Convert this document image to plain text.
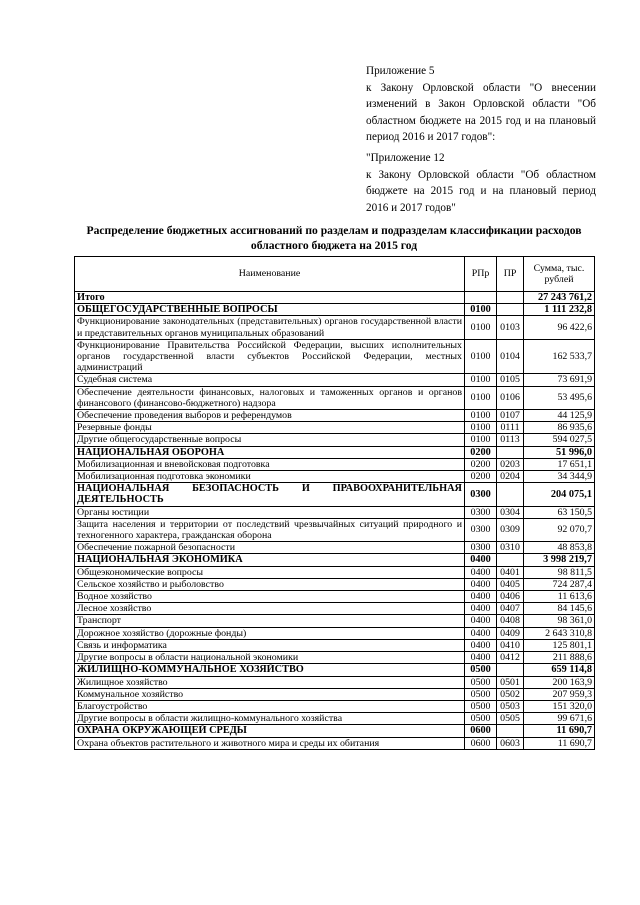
Приложение 5
к Закону Орловской области "О внесении изменений в Закон Орловской области "Об областном бюджете на 2015 год и на плановый период 2016 и 2017 годов":
"Приложение 12
к Закону Орловской области "Об областном бюджете на 2015 год и на плановый период 2016 и 2017 годов"
Распределение бюджетных ассигнований по разделам и подразделам классификации расходов областного бюджета на 2015 год
Наименование	РПр	ПР	Сумма, тыс. рублей
Итого			27 243 761,2
ОБЩЕГОСУДАРСТВЕННЫЕ ВОПРОСЫ	0100		1 111 232,8
Функционирование законодательных (представительных) органов государственной власти и представительных органов муниципальных образований	0100	0103	96 422,6
Функционирование Правительства Российской Федерации, высших исполнительных органов государственной власти субъектов Российской Федерации, местных администраций	0100	0104	162 533,7
Судебная система	0100	0105	73 691,9
Обеспечение деятельности финансовых, налоговых и таможенных органов и органов финансового (финансово-бюджетного) надзора	0100	0106	53 495,6
Обеспечение проведения выборов и референдумов	0100	0107	44 125,9
Резервные фонды	0100	0111	86 935,6
Другие общегосударственные вопросы	0100	0113	594 027,5
НАЦИОНАЛЬНАЯ ОБОРОНА	0200		51 996,0
Мобилизационная и вневойсковая подготовка	0200	0203	17 651,1
Мобилизационная подготовка экономики	0200	0204	34 344,9
НАЦИОНАЛЬНАЯ БЕЗОПАСНОСТЬ И ПРАВООХРАНИТЕЛЬНАЯ ДЕЯТЕЛЬНОСТЬ	0300		204 075,1
Органы юстиции	0300	0304	63 150,5
Защита населения и территории от последствий чрезвычайных ситуаций природного и техногенного характера, гражданская оборона	0300	0309	92 070,7
Обеспечение пожарной безопасности	0300	0310	48 853,8
НАЦИОНАЛЬНАЯ ЭКОНОМИКА	0400		3 998 219,7
Общеэкономические вопросы	0400	0401	98 811,5
Сельское хозяйство и рыболовство	0400	0405	724 287,4
Водное хозяйство	0400	0406	11 613,6
Лесное хозяйство	0400	0407	84 145,6
Транспорт	0400	0408	98 361,0
Дорожное хозяйство (дорожные фонды)	0400	0409	2 643 310,8
Связь и информатика	0400	0410	125 801,1
Другие вопросы в области национальной экономики	0400	0412	211 888,6
ЖИЛИЩНО-КОММУНАЛЬНОЕ ХОЗЯЙСТВО	0500		659 114,8
Жилищное хозяйство	0500	0501	200 163,9
Коммунальное хозяйство	0500	0502	207 959,3
Благоустройство	0500	0503	151 320,0
Другие вопросы в области жилищно-коммунального хозяйства	0500	0505	99 671,6
ОХРАНА ОКРУЖАЮЩЕЙ СРЕДЫ	0600		11 690,7
Охрана объектов растительного и животного мира и среды их обитания	0600	0603	11 690,7
